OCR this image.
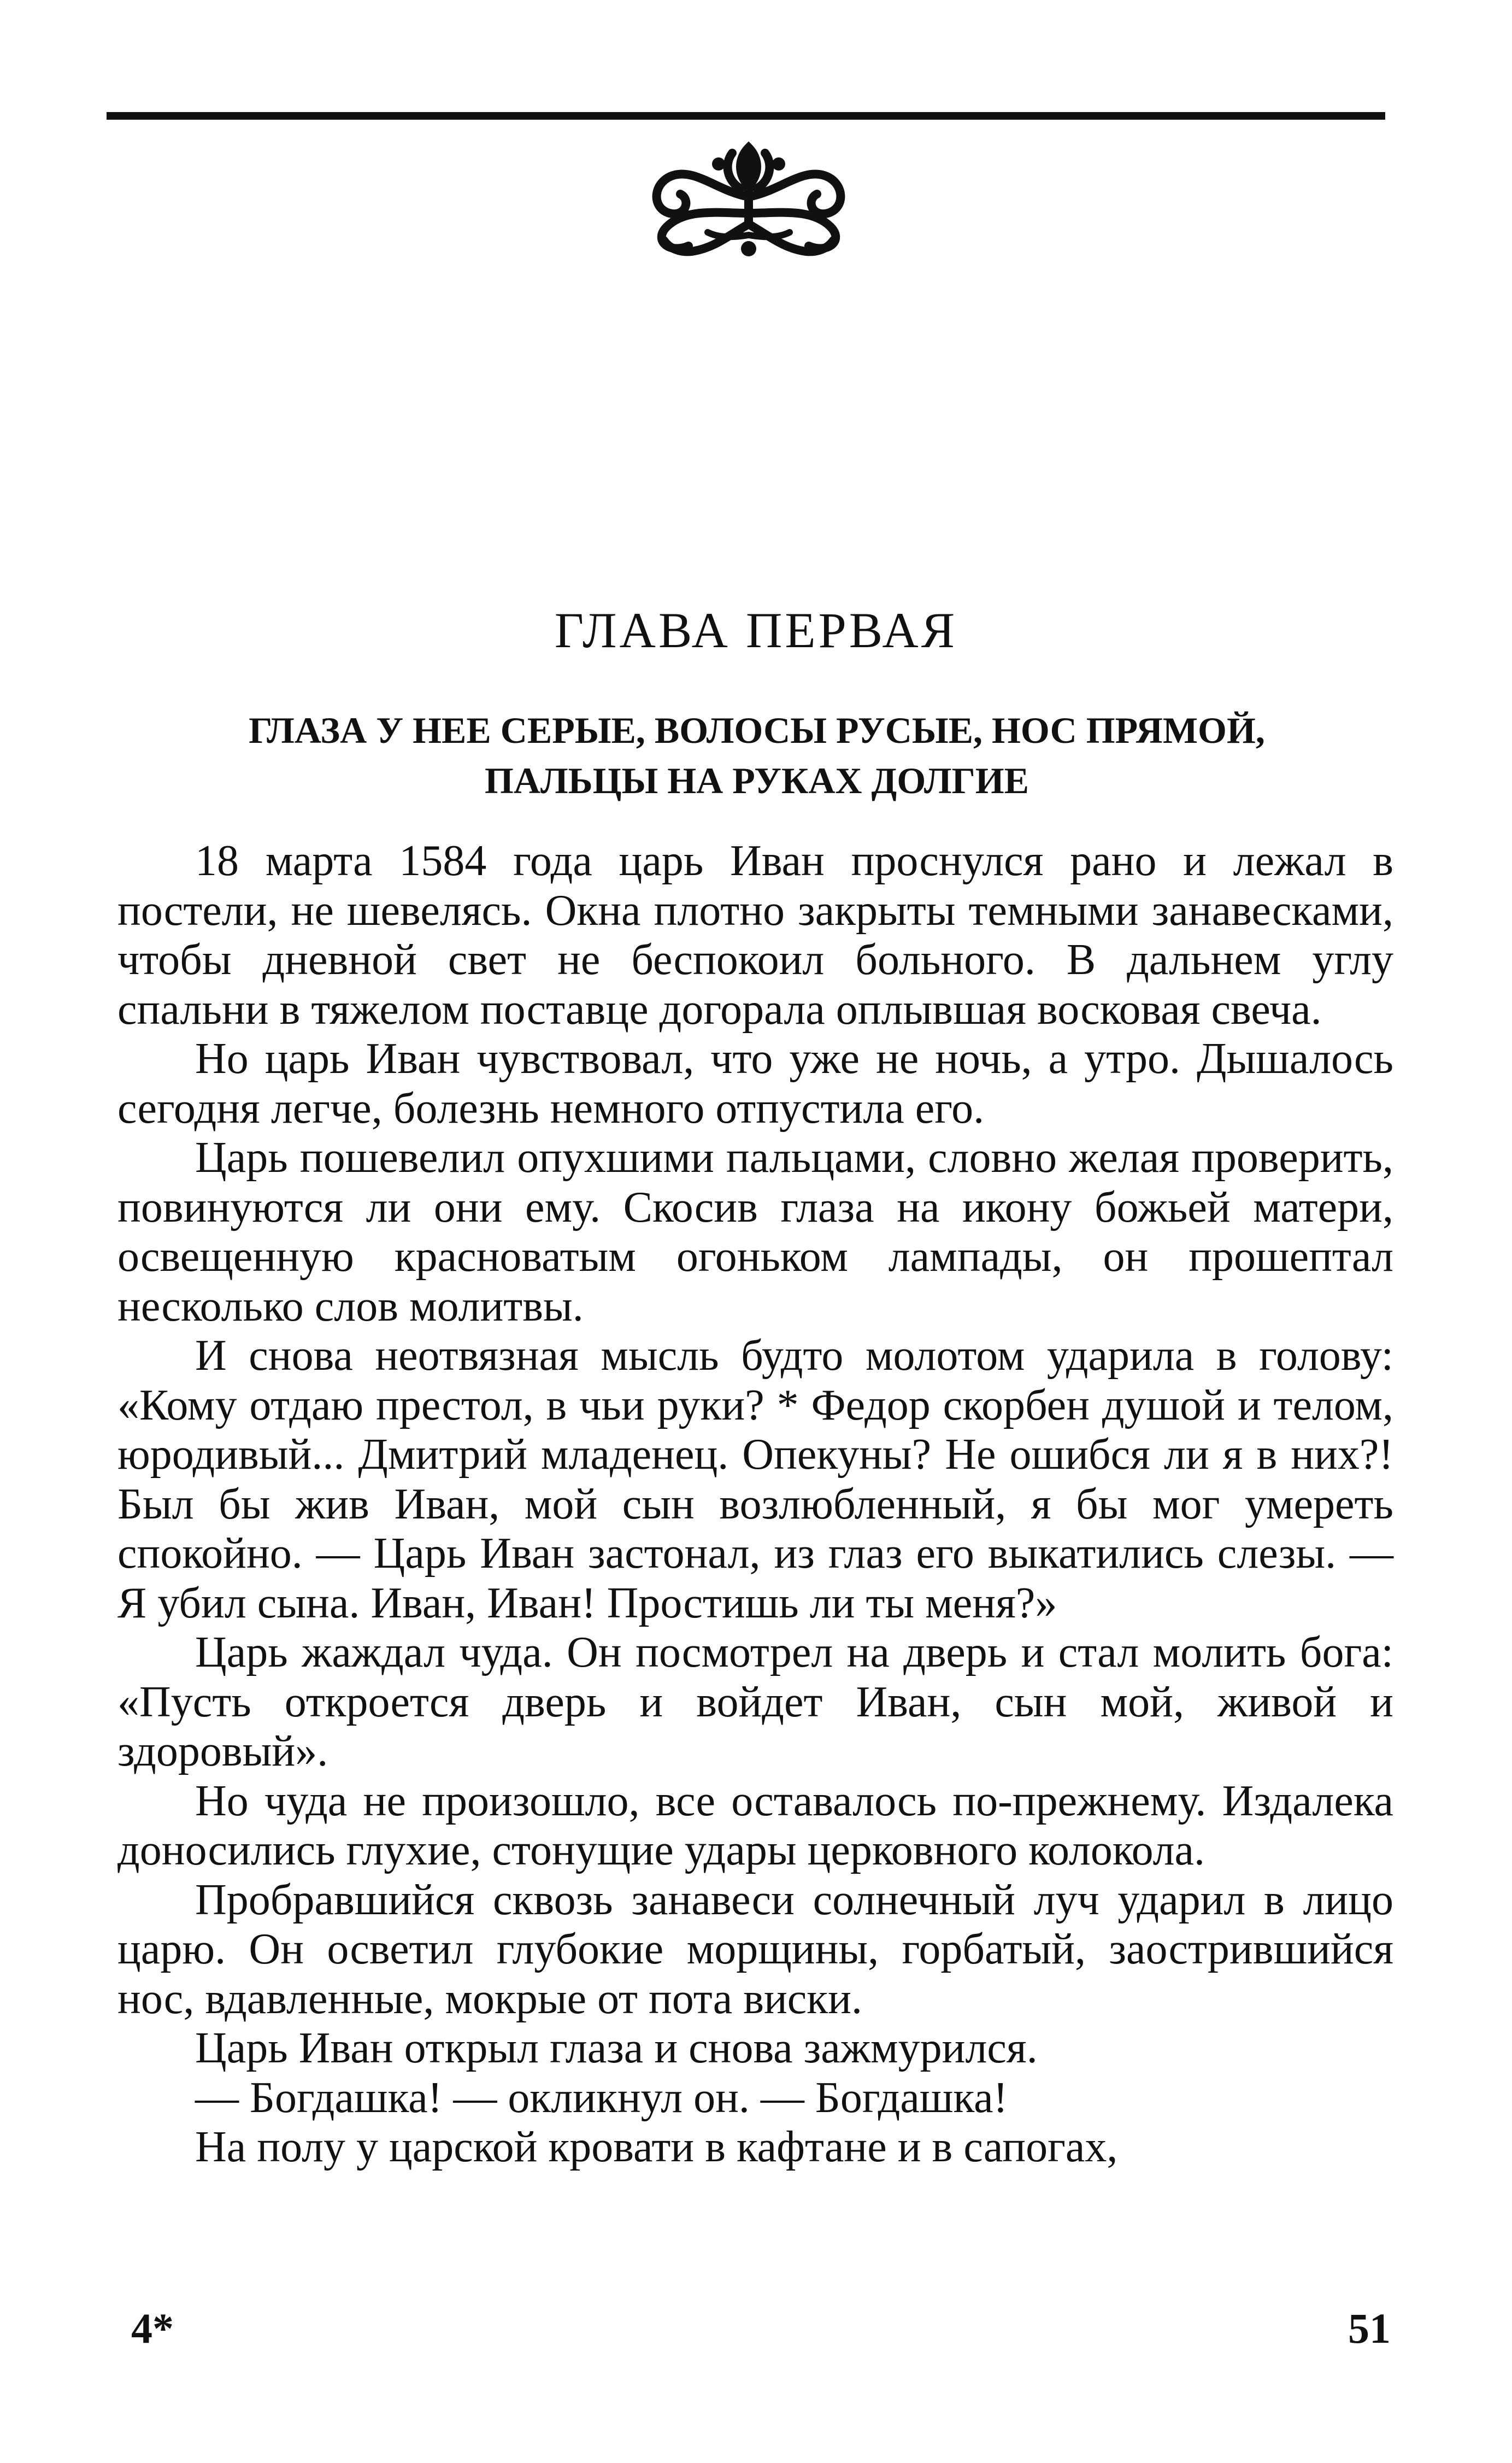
ГЛАВА ПЕРВАЯ
ГЛАЗА У НЕЕ СЕРЫЕ, ВОЛОСЫ РУСЫЕ, НОС ПРЯМОЙ,
ПАЛЬЦЫ НА РУКАХ ДОЛГИЕ

18 марта 1584 года царь Иван проснулся рано и лежал в постели, не шевелясь. Окна плотно закрыты темными занавесками, чтобы дневной свет не беспокоил больного. В дальнем углу спальни в тяжелом поставце догорала оплывшая восковая свеча.

Но царь Иван чувствовал, что уже не ночь, а утро. Дышалось сегодня легче, болезнь немного отпустила его.

Царь пошевелил опухшими пальцами, словно желая проверить, повинуются ли они ему. Скосив глаза на икону божьей матери, освещенную красноватым огоньком лампады, он прошептал несколько слов молитвы.

И снова неотвязная мысль будто молотом ударила в голову: «Кому отдаю престол, в чьи руки? * Федор скорбен душой и телом, юродивый... Дмитрий младенец. Опекуны? Не ошибся ли я в них?! Был бы жив Иван, мой сын возлюбленный, я бы мог умереть спокойно. — Царь Иван застонал, из глаз его выкатились слезы. — Я убил сына. Иван, Иван! Простишь ли ты меня?»

Царь жаждал чуда. Он посмотрел на дверь и стал молить бога: «Пусть откроется дверь и войдет Иван, сын мой, живой и здоровый».

Но чуда не произошло, все оставалось по-прежнему. Издалека доносились глухие, стонущие удары церковного колокола.

Пробравшийся сквозь занавеси солнечный луч ударил в лицо царю. Он осветил глубокие морщины, горбатый, заострившийся нос, вдавленные, мокрые от пота виски.

Царь Иван открыл глаза и снова зажмурился.

— Богдашка! — окликнул он. — Богдашка!

На полу у царской кровати в кафтане и в сапогах,

4*	51
